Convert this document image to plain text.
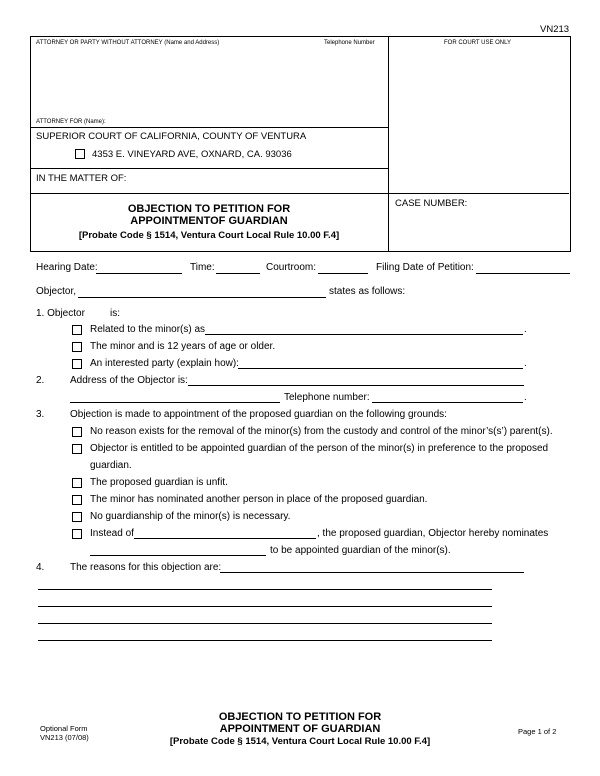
VN213
ATTORNEY OR PARTY WITHOUT ATTORNEY (Name and Address)	Telephone Number	FOR COURT USE ONLY
ATTORNEY FOR (Name):
SUPERIOR COURT OF CALIFORNIA, COUNTY OF VENTURA
4353 E. VINEYARD AVE, OXNARD, CA. 93036
IN THE MATTER OF:
OBJECTION TO PETITION FOR
APPOINTMENTOF GUARDIAN
[Probate Code § 1514, Ventura Court Local Rule 10.00 F.4]
CASE NUMBER:
Hearing Date:	Time:	Courtroom:	Filing Date of Petition:
Objector,	states as follows:
1. Objector	is:
Related to the minor(s) as	.
The minor and is 12 years of age or older.
An interested party (explain how):	.
2.	Address of the Objector is:
Telephone number:	.
3.	Objection is made to appointment of the proposed guardian on the following grounds:
No reason exists for the removal of the minor(s) from the custody and control of the minor’s(s’) parent(s).
Objector is entitled to be appointed guardian of the person of the minor(s) in preference to the proposed
guardian.
The proposed guardian is unfit.
The minor has nominated another person in place of the proposed guardian.
No guardianship of the minor(s) is necessary.
Instead of	, the proposed guardian, Objector hereby nominates
to be appointed guardian of the minor(s).
4.	The reasons for this objection are:
Optional Form
VN213 (07/08)
OBJECTION TO PETITION FOR
APPOINTMENT OF GUARDIAN
[Probate Code § 1514, Ventura Court Local Rule 10.00 F.4]
Page 1 of 2
